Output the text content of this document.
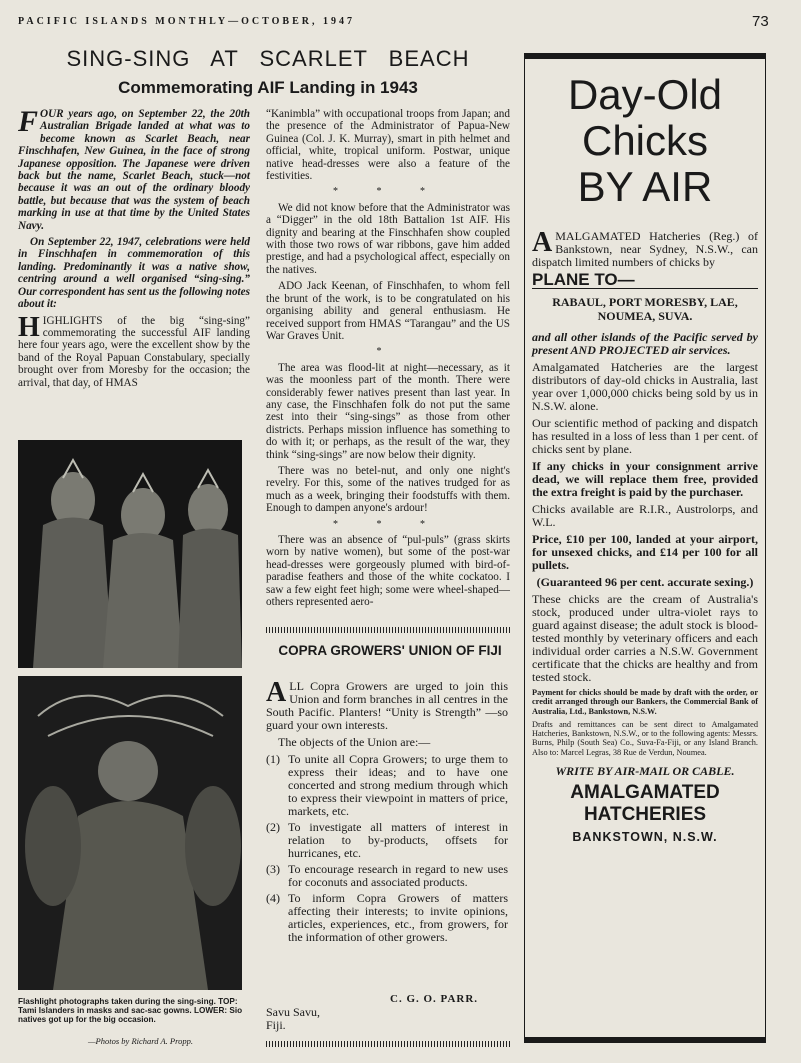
PACIFIC ISLANDS MONTHLY—OCTOBER, 1947	73
SING-SING AT SCARLET BEACH
Commemorating AIF Landing in 1943

FOUR years ago, on September 22, the 20th Australian Brigade landed at what was to become known as Scarlet Beach, near Finschhafen, New Guinea, in the face of strong Japanese opposition. The Japanese were driven back but the name, Scarlet Beach, stuck—not because it was an out of the ordinary bloody battle, but because that was the system of beach marking in use at that time by the United States Navy.

On September 22, 1947, celebrations were held in Finschhafen in commemoration of this landing. Predominantly it was a native show, centring around a well organised “sing-sing.” Our correspondent has sent us the following notes about it:

HIGHLIGHTS of the big “sing-sing” commemorating the successful AIF landing here four years ago, were the excellent show by the band of the Royal Papuan Constabulary, specially brought over from Moresby for the occasion; the arrival, that day, of HMAS

Flashlight photographs taken during the sing-sing. TOP: Tami Islanders in masks and sac-sac gowns. LOWER: Sio natives got up for the big occasion.
—Photos by Richard A. Propp.

“Kanimbla” with occupational troops from Japan; and the presence of the Administrator of Papua-New Guinea (Col. J. K. Murray), smart in pith helmet and official, white, tropical uniform. Postwar, unique native head-dresses were also a feature of the festivities.

* * *

We did not know before that the Administrator was a “Digger” in the old 18th Battalion 1st AIF. His dignity and bearing at the Finschhafen show coupled with those two rows of war ribbons, gave him added prestige, and had a psychological affect, especially on the natives.

ADO Jack Keenan, of Finschhafen, to whom fell the brunt of the work, is to be congratulated on his organising ability and general enthusiasm. He received support from HMAS “Tarangau” and the US War Graves Unit.

*

The area was flood-lit at night—necessary, as it was the moonless part of the month. There were considerably fewer natives present than last year. In any case, the Finschhafen folk do not put the same zest into their “sing-sings” as those from other districts. Perhaps mission influence has something to do with it; or perhaps, as the result of the war, they think “sing-sings” are now below their dignity.

There was no betel-nut, and only one night's revelry. For this, some of the natives trudged for as much as a week, bringing their foodstuffs with them. Enough to dampen anyone's ardour!

* * *

There was an absence of “pul-puls” (grass skirts worn by native women), but some of the post-war head-dresses were gorgeously plumed with bird-of-paradise feathers and those of the white cockatoo. I saw a few eight feet high; some were wheel-shaped—others represented aero-

COPRA GROWERS' UNION OF FIJI

ALL Copra Growers are urged to join this Union and form branches in all centres in the South Pacific. Planters! “Unity is Strength” —so guard your own interests.

The objects of the Union are:—

(1) To unite all Copra Growers; to urge them to express their ideas; and to have one concerted and strong medium through which to express their viewpoint in matters of price, markets, etc.
(2) To investigate all matters of interest in relation to by-products, offsets for hurricanes, etc.
(3) To encourage research in regard to new uses for coconuts and associated products.
(4) To inform Copra Growers of matters affecting their interests; to invite opinions, articles, experiences, etc., from growers, for the information of other growers.
C. G. O. PARR.
Savu Savu,
Fiji.
Day-Old
Chicks
BY AIR

AMALGAMATED Hatcheries (Reg.) of Bankstown, near Sydney, N.S.W., can dispatch limited numbers of chicks by

PLANE TO—
RABAUL, PORT MORESBY, LAE, NOUMEA, SUVA.

and all other islands of the Pacific served by present AND PROJECTED air services.

Amalgamated Hatcheries are the largest distributors of day-old chicks in Australia, last year over 1,000,000 chicks being sold by us in N.S.W. alone.

Our scientific method of packing and dispatch has resulted in a loss of less than 1 per cent. of chicks sent by plane.

If any chicks in your consignment arrive dead, we will replace them free, provided the extra freight is paid by the purchaser.

Chicks available are R.I.R., Austrolorps, and W.L.

Price, £10 per 100, landed at your airport, for unsexed chicks, and £14 per 100 for all pullets.

(Guaranteed 96 per cent. accurate sexing.)

These chicks are the cream of Australia's stock, produced under ultra-violet rays to guard against disease; the adult stock is blood-tested monthly by veterinary officers and each individual order carries a N.S.W. Government certificate that the chicks are healthy and from tested stock.

Payment for chicks should be made by draft with the order, or credit arranged through our Bankers, the Commercial Bank of Australia, Ltd., Bankstown, N.S.W.

Drafts and remittances can be sent direct to Amalgamated Hatcheries, Bankstown, N.S.W., or to the following agents: Messrs. Burns, Philp (South Sea) Co., Suva-Fa-Fiji, or any Island Branch. Also to: Marcel Legras, 38 Rue de Verdun, Noumea.

WRITE BY AIR-MAIL OR CABLE.

AMALGAMATED
HATCHERIES
BANKSTOWN, N.S.W.
